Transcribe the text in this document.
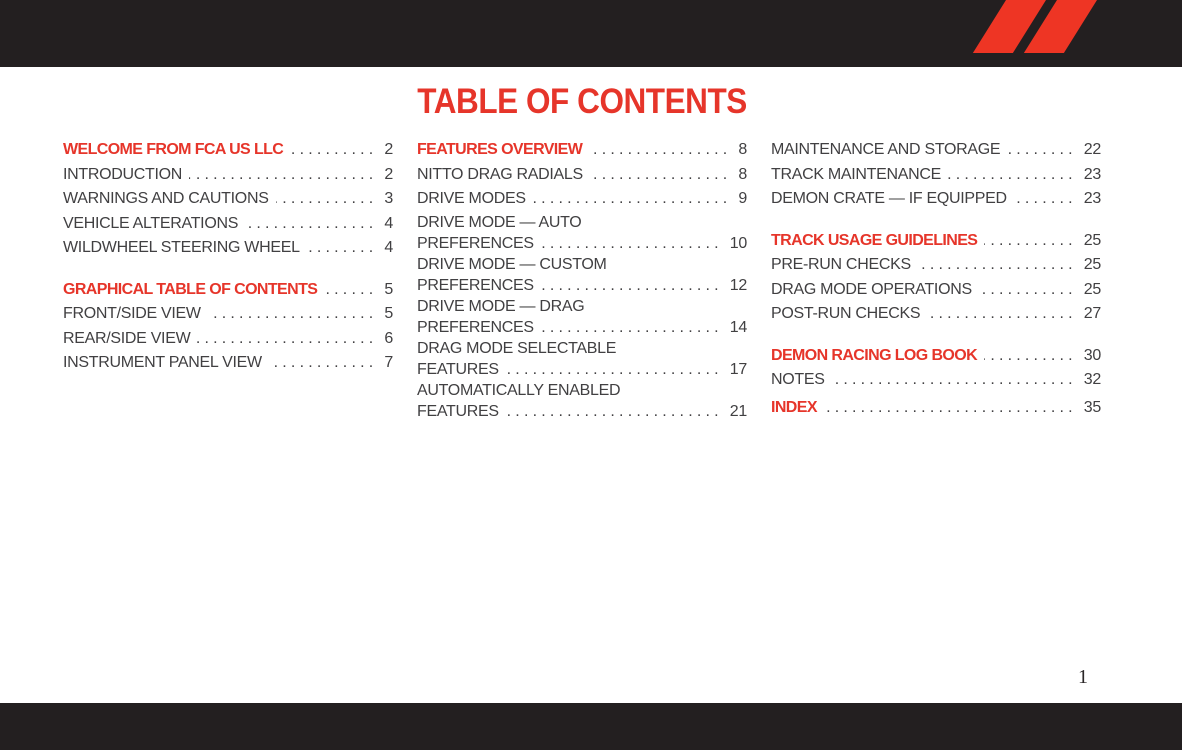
TABLE OF CONTENTS
WELCOME FROM FCA US LLC .....	2
INTRODUCTION .....	2
WARNINGS AND CAUTIONS .....	3
VEHICLE ALTERATIONS .....	4
WILDWHEEL STEERING WHEEL .....	4
GRAPHICAL TABLE OF CONTENTS .....	5
FRONT/SIDE VIEW .....	5
REAR/SIDE VIEW .....	6
INSTRUMENT PANEL VIEW .....	7
FEATURES OVERVIEW .....	8
NITTO DRAG RADIALS .....	8
DRIVE MODES .....	9
DRIVE MODE — AUTO
PREFERENCES .....	10
DRIVE MODE — CUSTOM
PREFERENCES .....	12
DRIVE MODE — DRAG
PREFERENCES .....	14
DRAG MODE SELECTABLE
FEATURES .....	17
AUTOMATICALLY ENABLED
FEATURES .....	21
MAINTENANCE AND STORAGE .....	22
TRACK MAINTENANCE .....	23
DEMON CRATE — IF EQUIPPED .....	23
TRACK USAGE GUIDELINES .....	25
PRE-RUN CHECKS .....	25
DRAG MODE OPERATIONS .....	25
POST-RUN CHECKS .....	27
DEMON RACING LOG BOOK .....	30
NOTES .....	32
INDEX .....	35
1
